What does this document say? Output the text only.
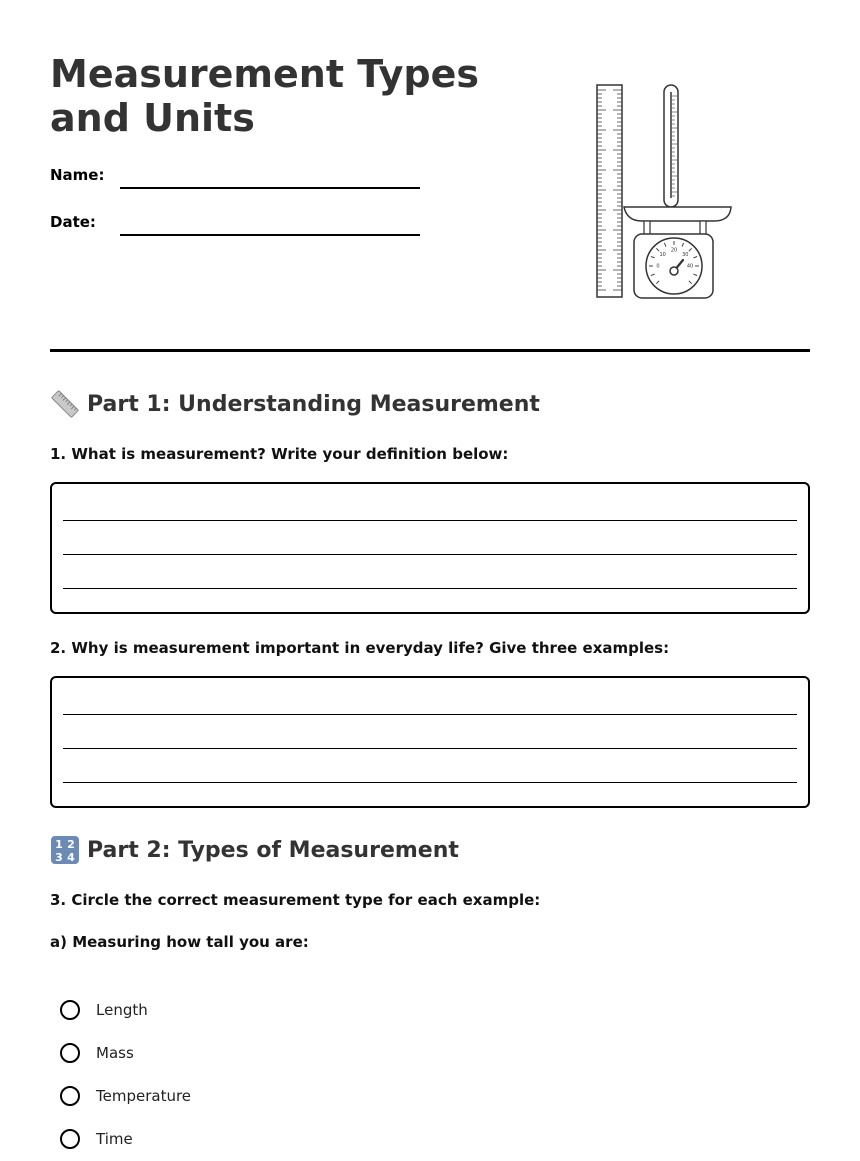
Measurement Types and Units
Name:
Date:
0
10
20
30
40
Part 1: Understanding Measurement
1. What is measurement? Write your definition below:
2. Why is measurement important in everyday life? Give three examples:
1 2
3 4 Part 2: Types of Measurement
3. Circle the correct measurement type for each example:
a) Measuring how tall you are:
Length
Mass
Temperature
Time
